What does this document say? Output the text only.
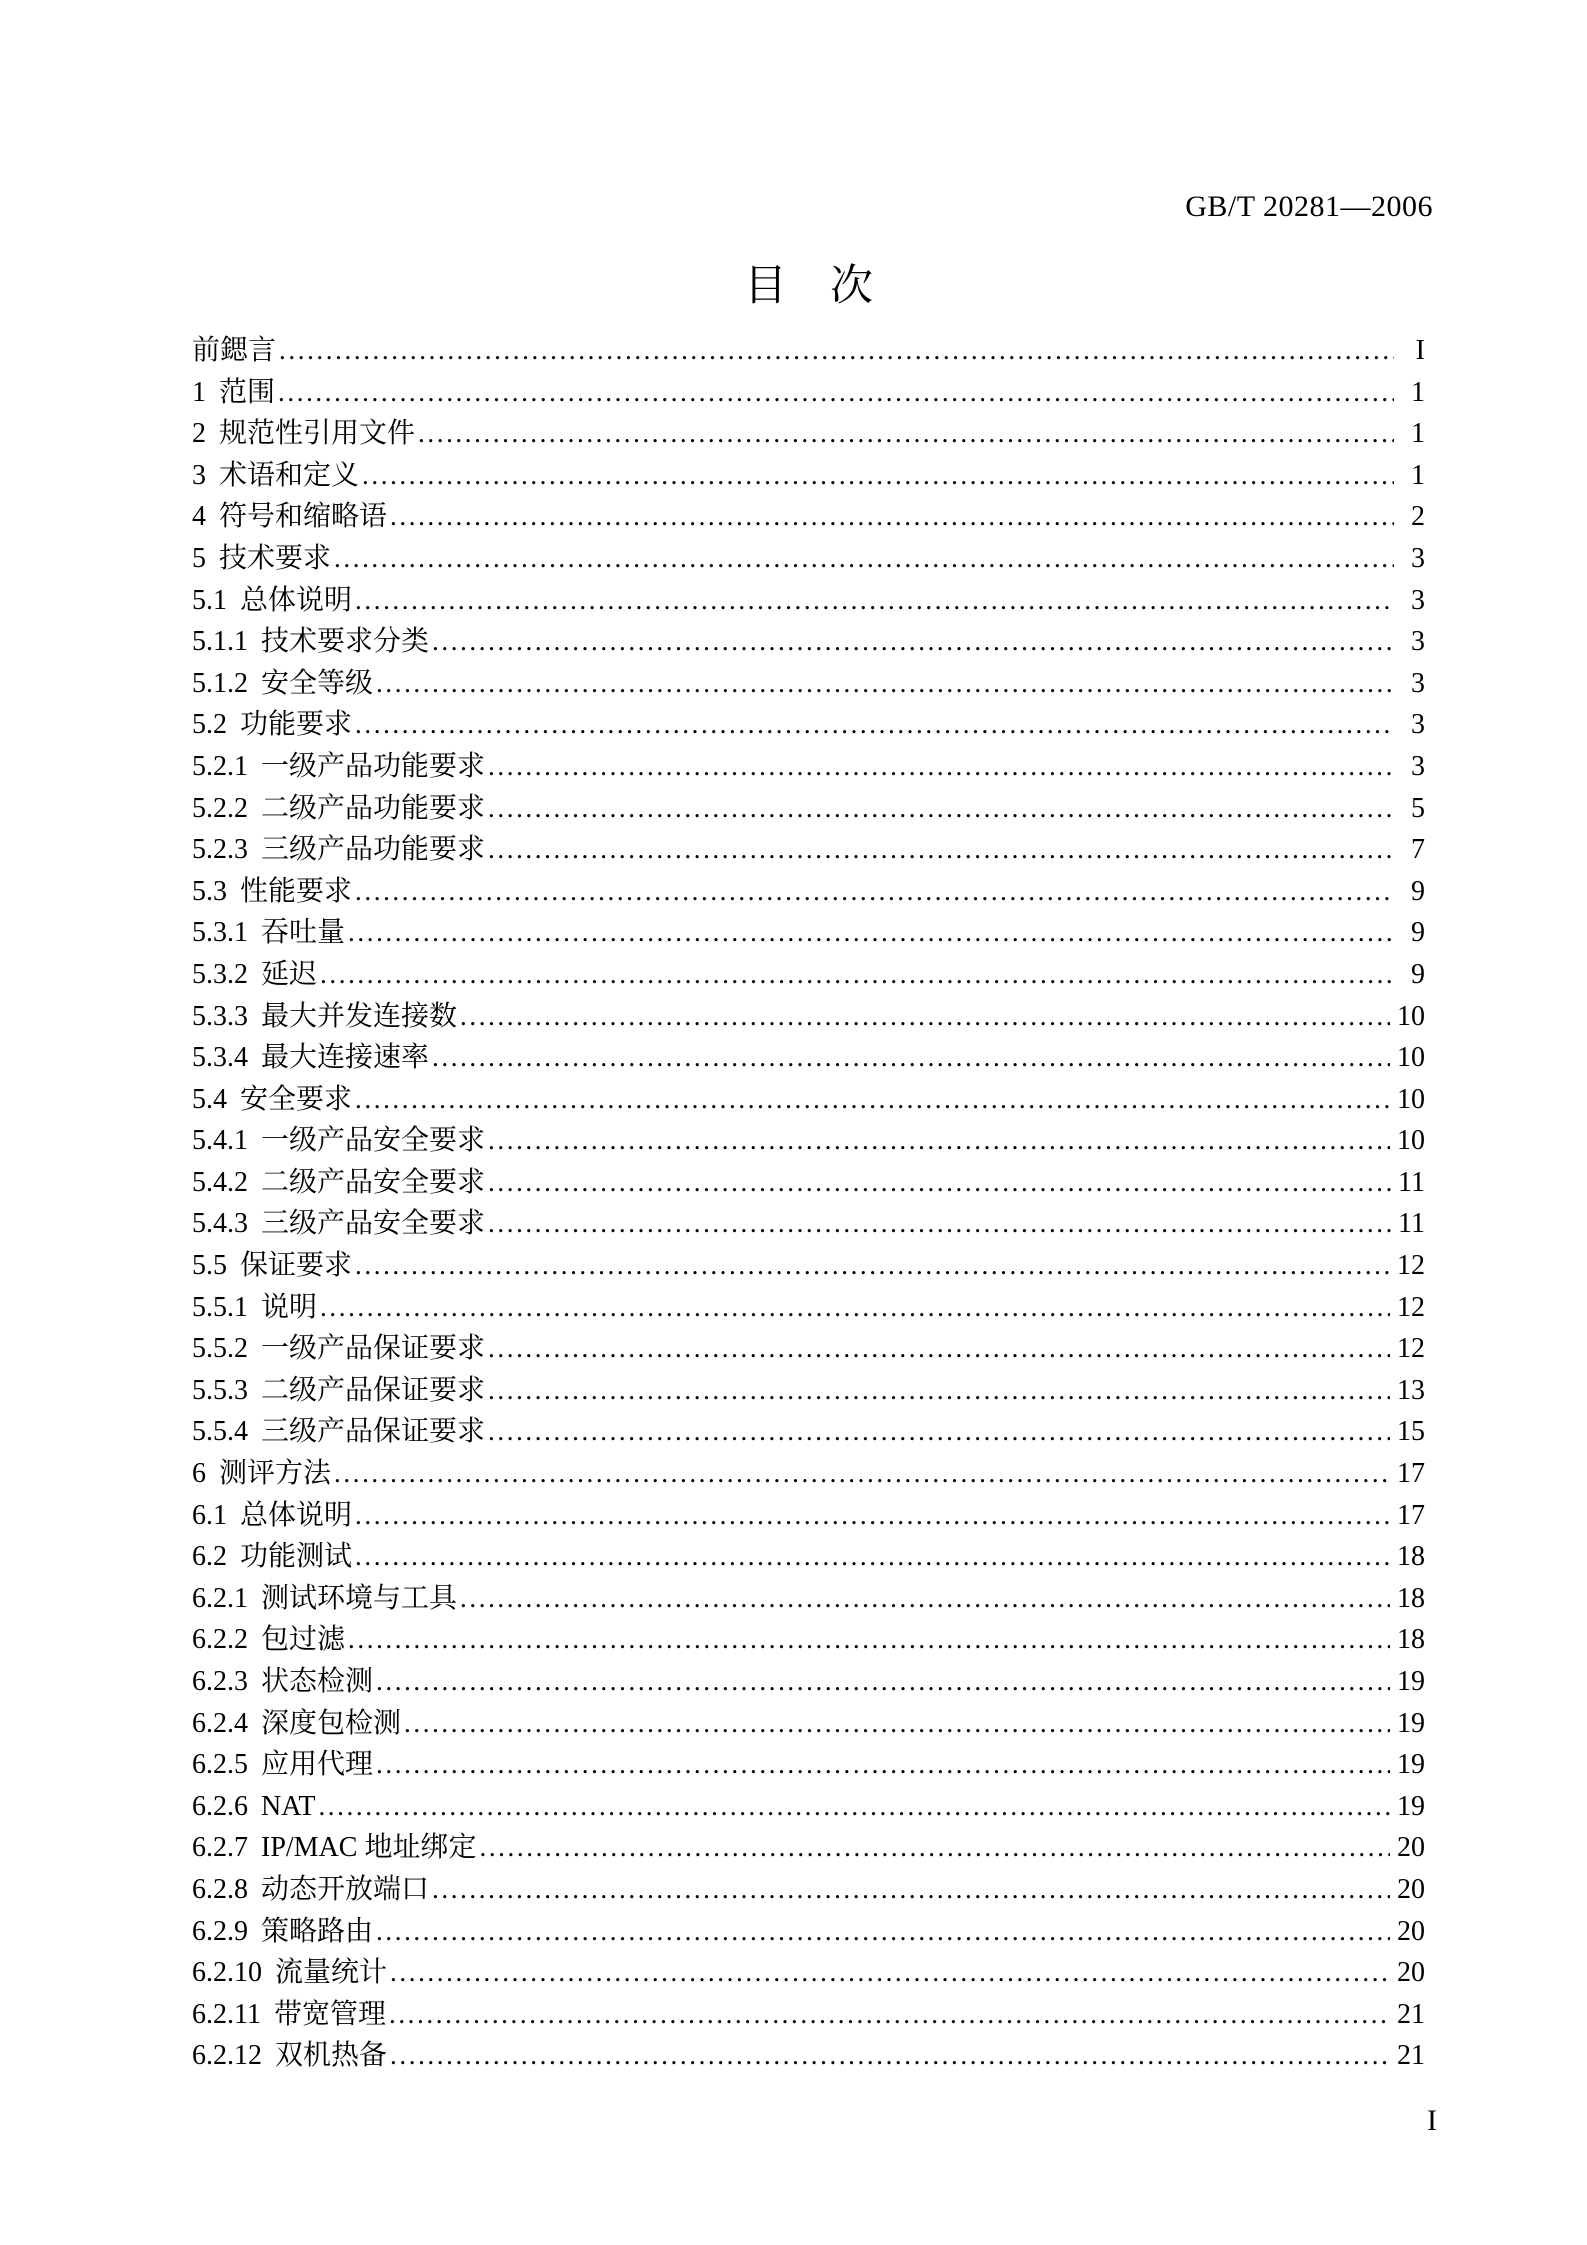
GB/T 20281—2006
目　次
前鍶言 .....	I
1 范围 .....	1
2 规范性引用文件 .....	1
3 术语和定义 .....	1
4 符号和缩略语 .....	2
5 技术要求 .....	3
5.1 总体说明 .....	3
5.1.1 技术要求分类 .....	3
5.1.2 安全等级 .....	3
5.2 功能要求 .....	3
5.2.1 一级产品功能要求 .....	3
5.2.2 二级产品功能要求 .....	5
5.2.3 三级产品功能要求 .....	7
5.3 性能要求 .....	9
5.3.1 吞吐量 .....	9
5.3.2 延迟 .....	9
5.3.3 最大并发连接数 .....	10
5.3.4 最大连接速率 .....	10
5.4 安全要求 .....	10
5.4.1 一级产品安全要求 .....	10
5.4.2 二级产品安全要求 .....	11
5.4.3 三级产品安全要求 .....	11
5.5 保证要求 .....	12
5.5.1 说明 .....	12
5.5.2 一级产品保证要求 .....	12
5.5.3 二级产品保证要求 .....	13
5.5.4 三级产品保证要求 .....	15
6 测评方法 .....	17
6.1 总体说明 .....	17
6.2 功能测试 .....	18
6.2.1 测试环境与工具 .....	18
6.2.2 包过滤 .....	18
6.2.3 状态检测 .....	19
6.2.4 深度包检测 .....	19
6.2.5 应用代理 .....	19
6.2.6 NAT .....	19
6.2.7 IP/MAC 地址绑定 .....	20
6.2.8 动态开放端口 .....	20
6.2.9 策略路由 .....	20
6.2.10 流量统计 .....	20
6.2.11 带宽管理 .....	21
6.2.12 双机热备 .....	21
I
